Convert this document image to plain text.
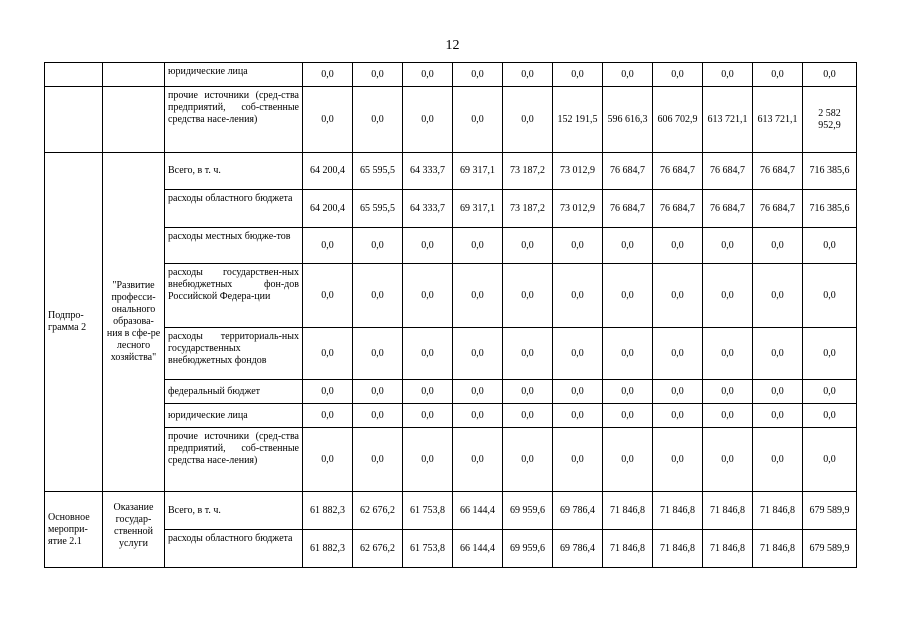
12
		юридические лица	0,0	0,0	0,0	0,0	0,0	0,0	0,0	0,0	0,0	0,0	0,0
		прочие источники (сред-ства предприятий, соб-ственные средства насе-ления)	0,0	0,0	0,0	0,0	0,0	152 191,5	596 616,3	606 702,9	613 721,1	613 721,1	2 582 952,9
Подпро-грамма 2	"Развитие професси-онального образова-ния в сфе-ре лесного хозяйства"	Всего, в т. ч.	64 200,4	65 595,5	64 333,7	69 317,1	73 187,2	73 012,9	76 684,7	76 684,7	76 684,7	76 684,7	716 385,6
		расходы областного бюджета	64 200,4	65 595,5	64 333,7	69 317,1	73 187,2	73 012,9	76 684,7	76 684,7	76 684,7	76 684,7	716 385,6
		расходы местных бюдже-тов	0,0	0,0	0,0	0,0	0,0	0,0	0,0	0,0	0,0	0,0	0,0
		расходы государствен-ных внебюджетных фон-дов Российской Федера-ции	0,0	0,0	0,0	0,0	0,0	0,0	0,0	0,0	0,0	0,0	0,0
		расходы территориаль-ных государственных внебюджетных фондов	0,0	0,0	0,0	0,0	0,0	0,0	0,0	0,0	0,0	0,0	0,0
		федеральный бюджет	0,0	0,0	0,0	0,0	0,0	0,0	0,0	0,0	0,0	0,0	0,0
		юридические лица	0,0	0,0	0,0	0,0	0,0	0,0	0,0	0,0	0,0	0,0	0,0
		прочие источники (сред-ства предприятий, соб-ственные средства насе-ления)	0,0	0,0	0,0	0,0	0,0	0,0	0,0	0,0	0,0	0,0	0,0
Основное меропри-ятие 2.1	Оказание государ-ственной услуги	Всего, в т. ч.	61 882,3	62 676,2	61 753,8	66 144,4	69 959,6	69 786,4	71 846,8	71 846,8	71 846,8	71 846,8	679 589,9
		расходы областного бюджета	61 882,3	62 676,2	61 753,8	66 144,4	69 959,6	69 786,4	71 846,8	71 846,8	71 846,8	71 846,8	679 589,9
